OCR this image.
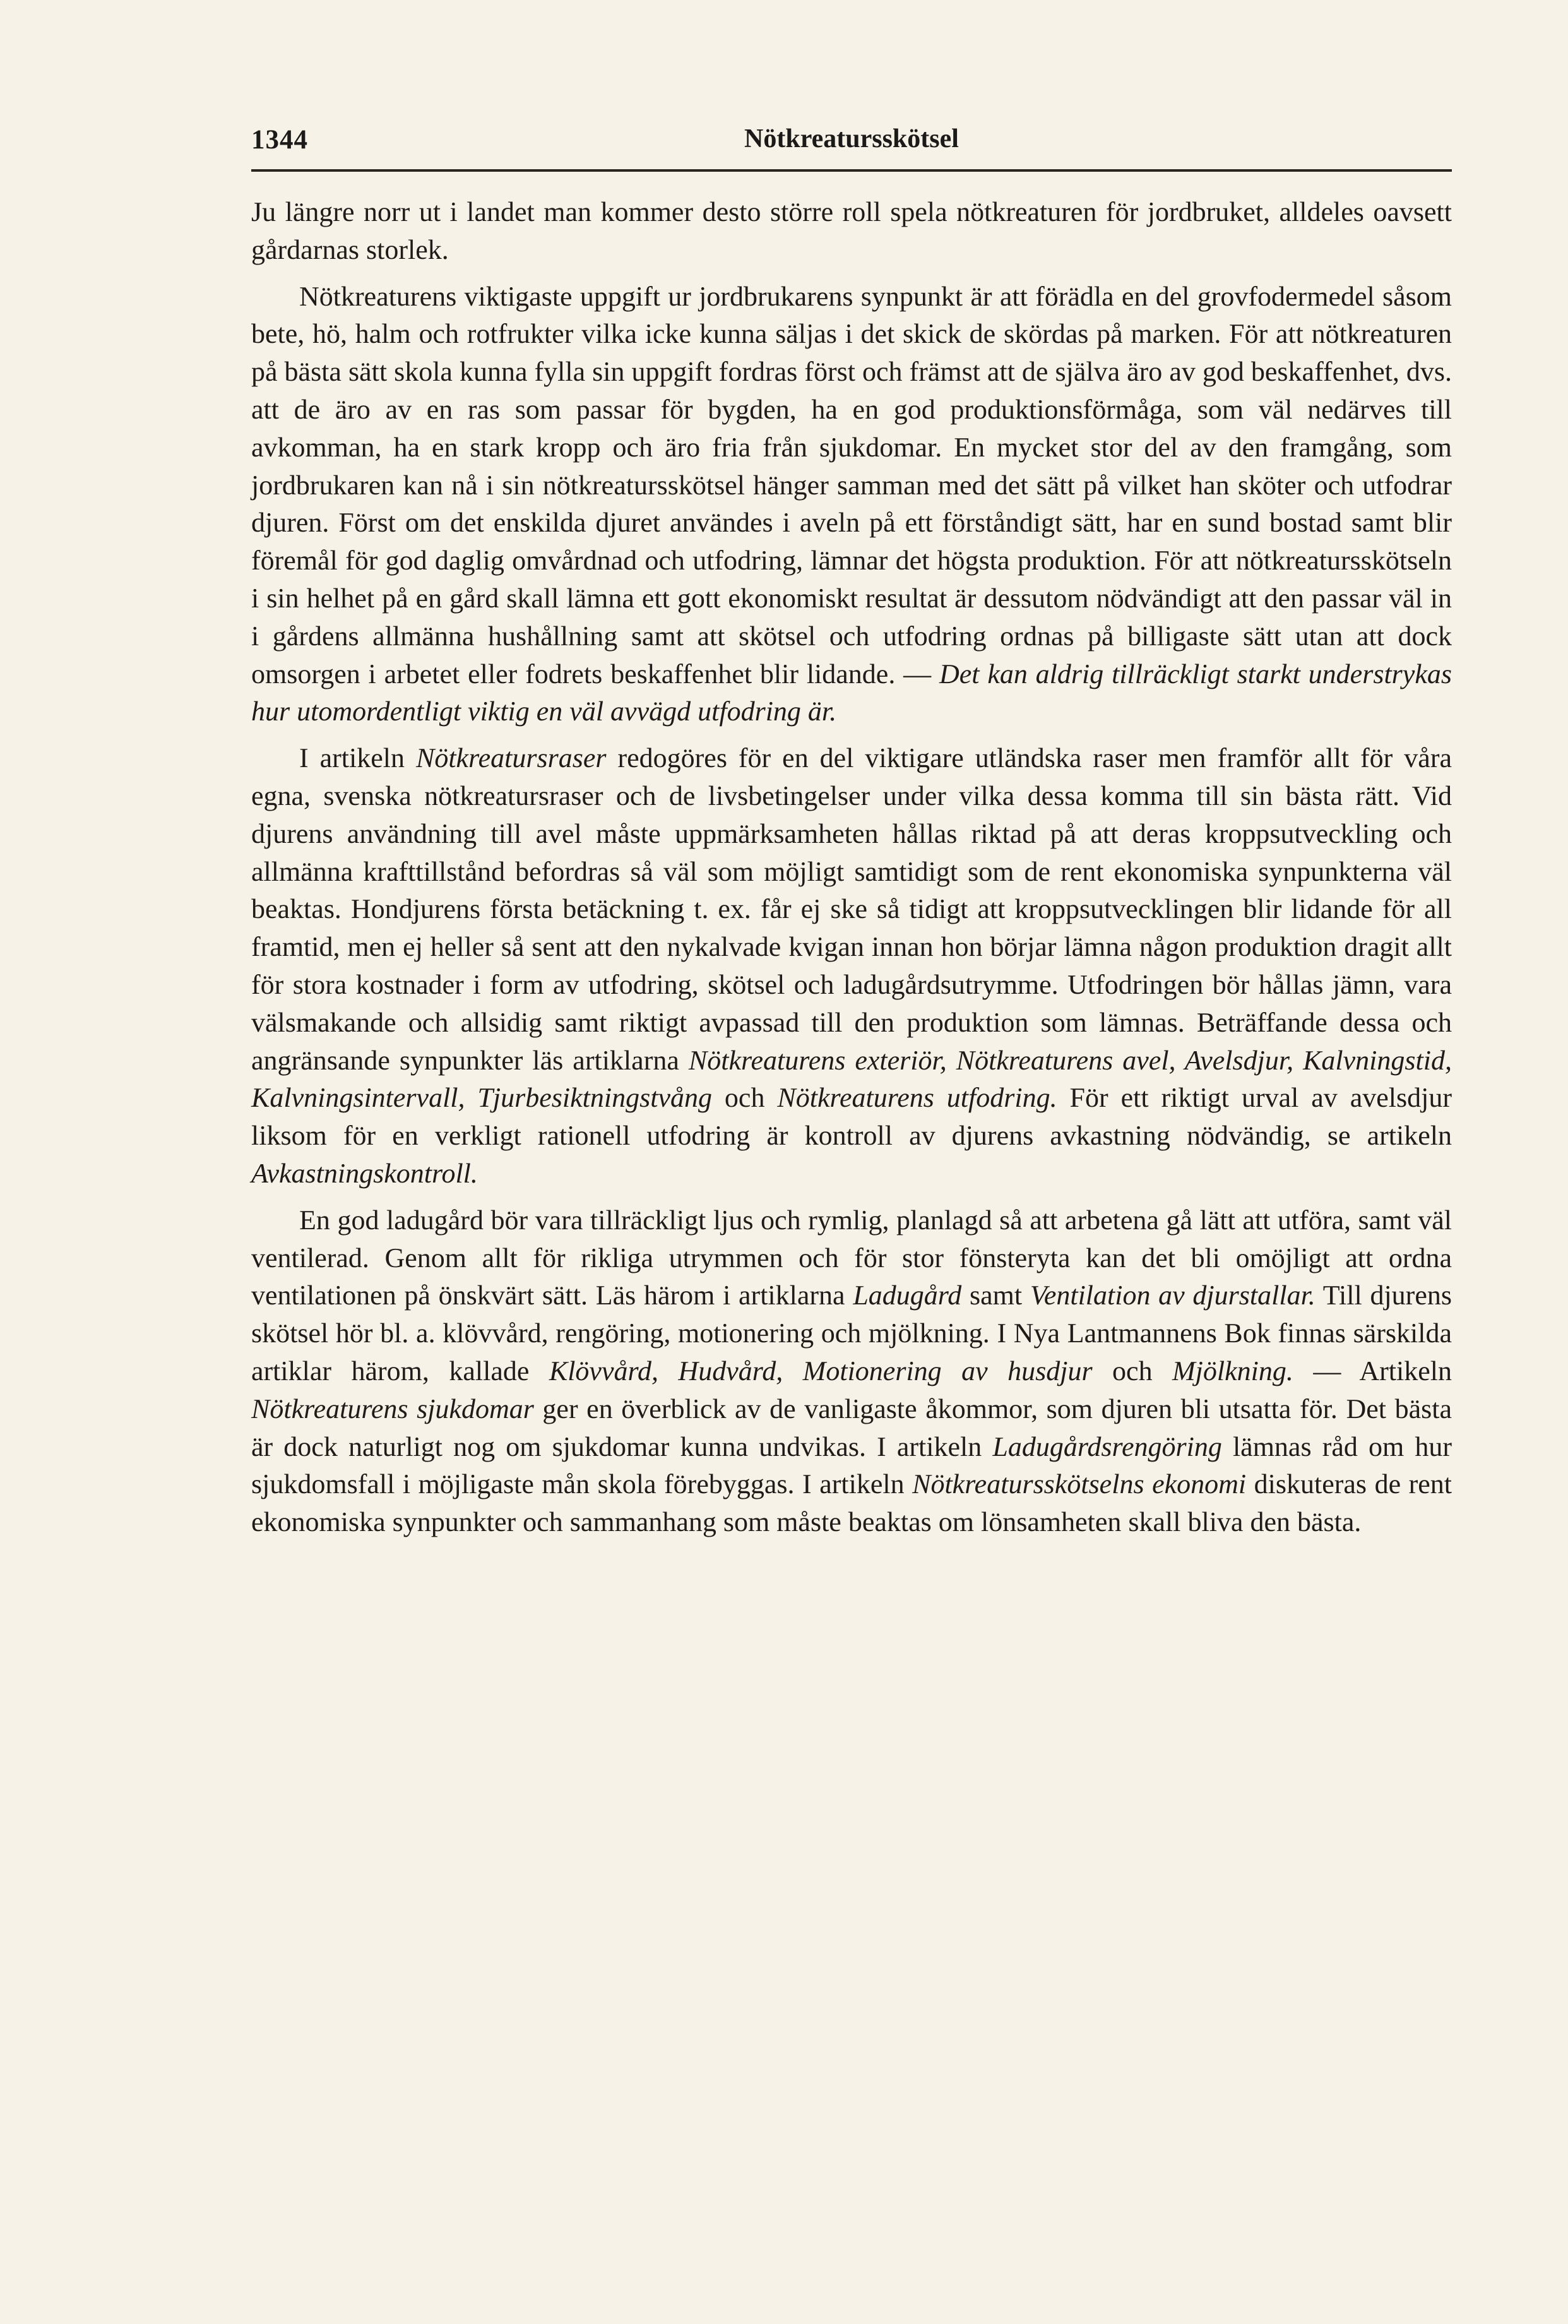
1344	Nötkreatursskötsel

Ju längre norr ut i landet man kommer desto större roll spela nötkreaturen för jordbruket, alldeles oavsett gårdarnas storlek.

Nötkreaturens viktigaste uppgift ur jordbrukarens synpunkt är att förädla en del grovfodermedel såsom bete, hö, halm och rotfrukter vilka icke kunna säljas i det skick de skördas på marken. För att nötkreaturen på bästa sätt skola kunna fylla sin uppgift fordras först och främst att de själva äro av god beskaffenhet, dvs. att de äro av en ras som passar för bygden, ha en god produktionsförmåga, som väl nedärves till avkomman, ha en stark kropp och äro fria från sjukdomar. En mycket stor del av den framgång, som jordbrukaren kan nå i sin nötkreatursskötsel hänger samman med det sätt på vilket han sköter och utfodrar djuren. Först om det enskilda djuret användes i aveln på ett förståndigt sätt, har en sund bostad samt blir föremål för god daglig omvårdnad och utfodring, lämnar det högsta produktion. För att nötkreatursskötseln i sin helhet på en gård skall lämna ett gott ekonomiskt resultat är dessutom nödvändigt att den passar väl in i gårdens allmänna hushållning samt att skötsel och utfodring ordnas på billigaste sätt utan att dock omsorgen i arbetet eller fodrets beskaffenhet blir lidande. — Det kan aldrig tillräckligt starkt understrykas hur utomordentligt viktig en väl avvägd utfodring är.

I artikeln Nötkreatursraser redogöres för en del viktigare utländska raser men framför allt för våra egna, svenska nötkreatursraser och de livsbetingelser under vilka dessa komma till sin bästa rätt. Vid djurens användning till avel måste uppmärksamheten hållas riktad på att deras kroppsutveckling och allmänna krafttillstånd befordras så väl som möjligt samtidigt som de rent ekonomiska synpunkterna väl beaktas. Hondjurens första betäckning t. ex. får ej ske så tidigt att kroppsutvecklingen blir lidande för all framtid, men ej heller så sent att den nykalvade kvigan innan hon börjar lämna någon produktion dragit allt för stora kostnader i form av utfodring, skötsel och ladugårdsutrymme. Utfodringen bör hållas jämn, vara välsmakande och allsidig samt riktigt avpassad till den produktion som lämnas. Beträffande dessa och angränsande synpunkter läs artiklarna Nötkreaturens exteriör, Nötkreaturens avel, Avelsdjur, Kalvningstid, Kalvningsintervall, Tjurbesiktningstvång och Nötkreaturens utfodring. För ett riktigt urval av avelsdjur liksom för en verkligt rationell utfodring är kontroll av djurens avkastning nödvändig, se artikeln Avkastningskontroll.

En god ladugård bör vara tillräckligt ljus och rymlig, planlagd så att arbetena gå lätt att utföra, samt väl ventilerad. Genom allt för rikliga utrymmen och för stor fönsteryta kan det bli omöjligt att ordna ventilationen på önskvärt sätt. Läs härom i artiklarna Ladugård samt Ventilation av djurstallar. Till djurens skötsel hör bl. a. klövvård, rengöring, motionering och mjölkning. I Nya Lantmannens Bok finnas särskilda artiklar härom, kallade Klövvård, Hudvård, Motionering av husdjur och Mjölkning. — Artikeln Nötkreaturens sjukdomar ger en överblick av de vanligaste åkommor, som djuren bli utsatta för. Det bästa är dock naturligt nog om sjukdomar kunna undvikas. I artikeln Ladugårdsrengöring lämnas råd om hur sjukdomsfall i möjligaste mån skola förebyggas. I artikeln Nötkreatursskötselns ekonomi diskuteras de rent ekonomiska synpunkter och sammanhang som måste beaktas om lönsamheten skall bliva den bästa.
